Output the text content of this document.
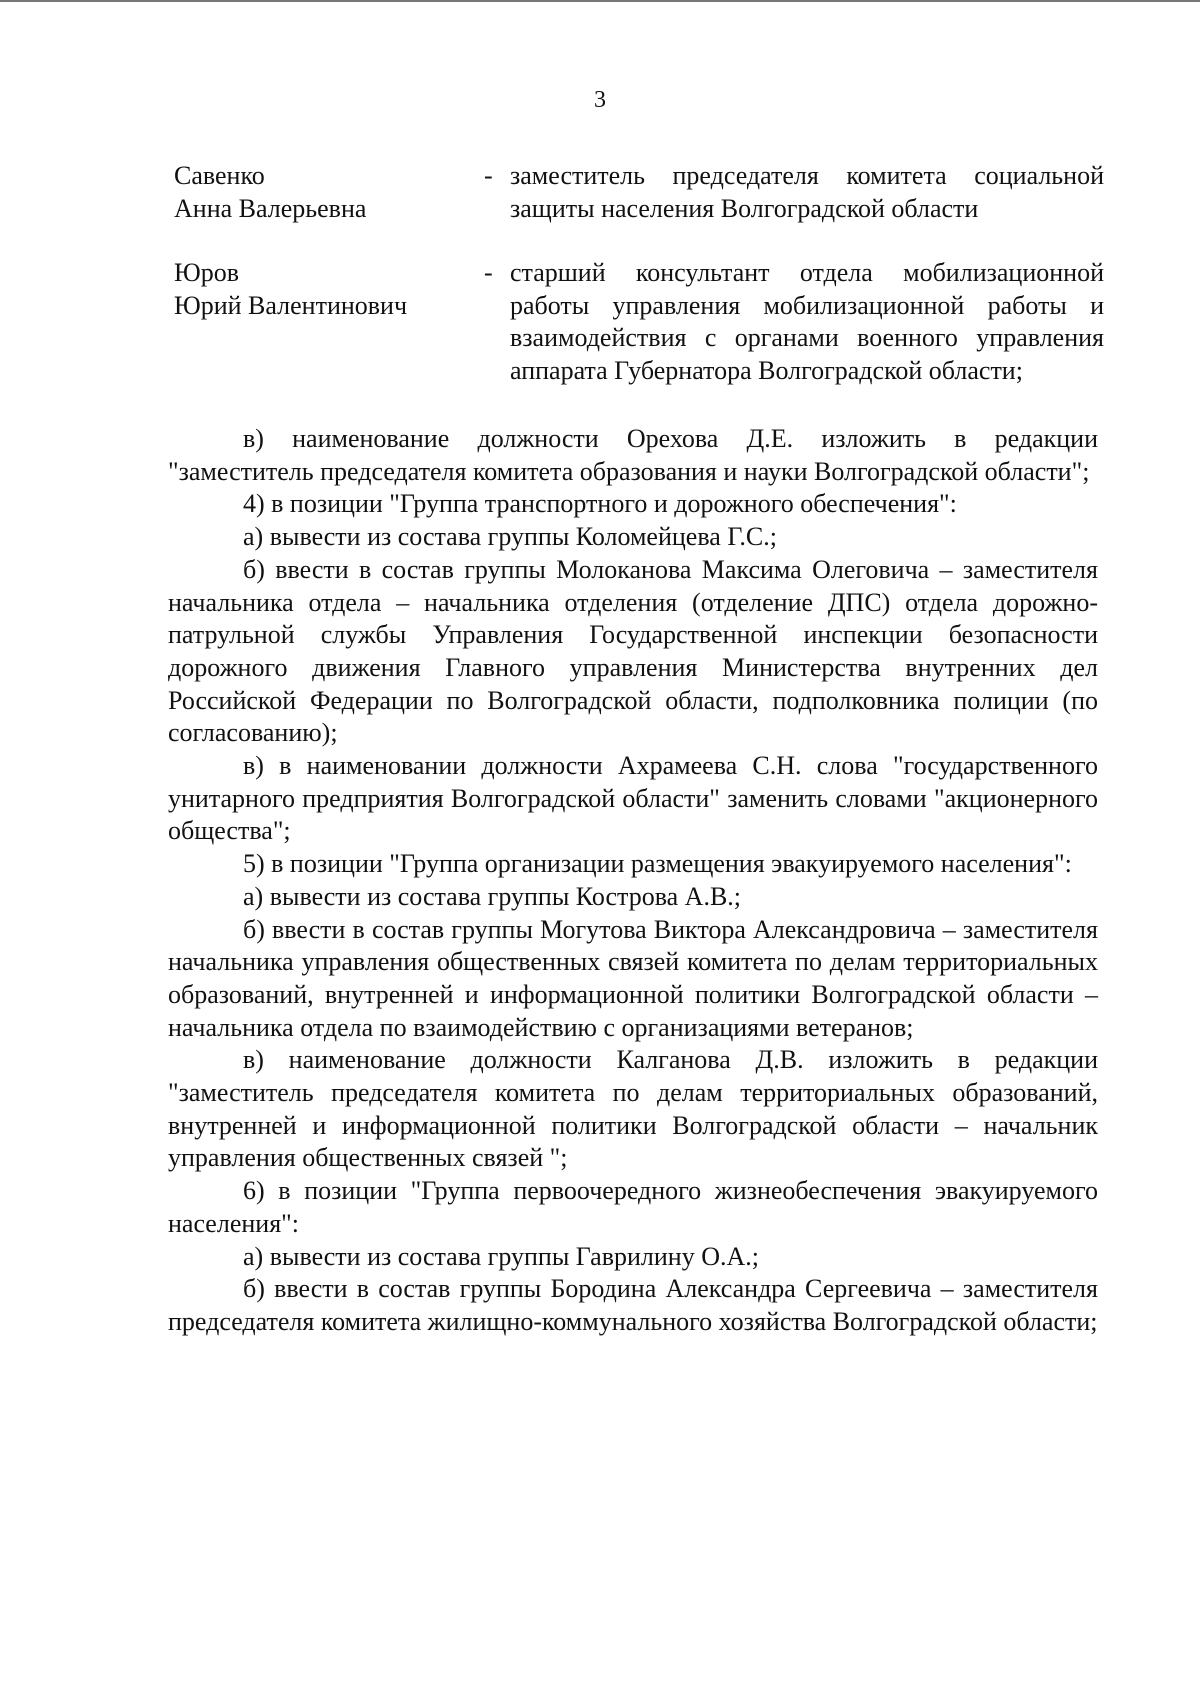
3
Савенко
Анна Валерьевна
- заместитель председателя комитета социальной защиты населения Волгоградской области
Юров
Юрий Валентинович
- старший консультант отдела мобилизационной работы управления мобилизационной работы и взаимодействия с органами военного управления аппарата Губернатора Волгоградской области;

в) наименование должности Орехова Д.Е. изложить в редакции "заместитель председателя комитета образования и науки Волгоградской области";

4) в позиции "Группа транспортного и дорожного обеспечения":

а) вывести из состава группы Коломейцева Г.С.;

б) ввести в состав группы Молоканова Максима Олеговича – заместителя начальника отдела – начальника отделения (отделение ДПС) отдела дорожно-патрульной службы Управления Государственной инспекции безопасности дорожного движения Главного управления Министерства внутренних дел Российской Федерации по Волгоградской области, подполковника полиции (по согласованию);

в) в наименовании должности Ахрамеева С.Н. слова "государственного унитарного предприятия Волгоградской области" заменить словами "акционерного общества";

5) в позиции "Группа организации размещения эвакуируемого населения":

а) вывести из состава группы Кострова А.В.;

б) ввести в состав группы Могутова Виктора Александровича – заместителя начальника управления общественных связей комитета по делам территориальных образований, внутренней и информационной политики Волгоградской области – начальника отдела по взаимодействию с организациями ветеранов;

в) наименование должности Калганова Д.В. изложить в редакции "заместитель председателя комитета по делам территориальных образований, внутренней и информационной политики Волгоградской области – начальник управления общественных связей ";

6) в позиции "Группа первоочередного жизнеобеспечения эвакуируемого населения":

а) вывести из состава группы Гаврилину О.А.;

б) ввести в состав группы Бородина Александра Сергеевича – заместителя председателя комитета жилищно-коммунального хозяйства Волгоградской области;
